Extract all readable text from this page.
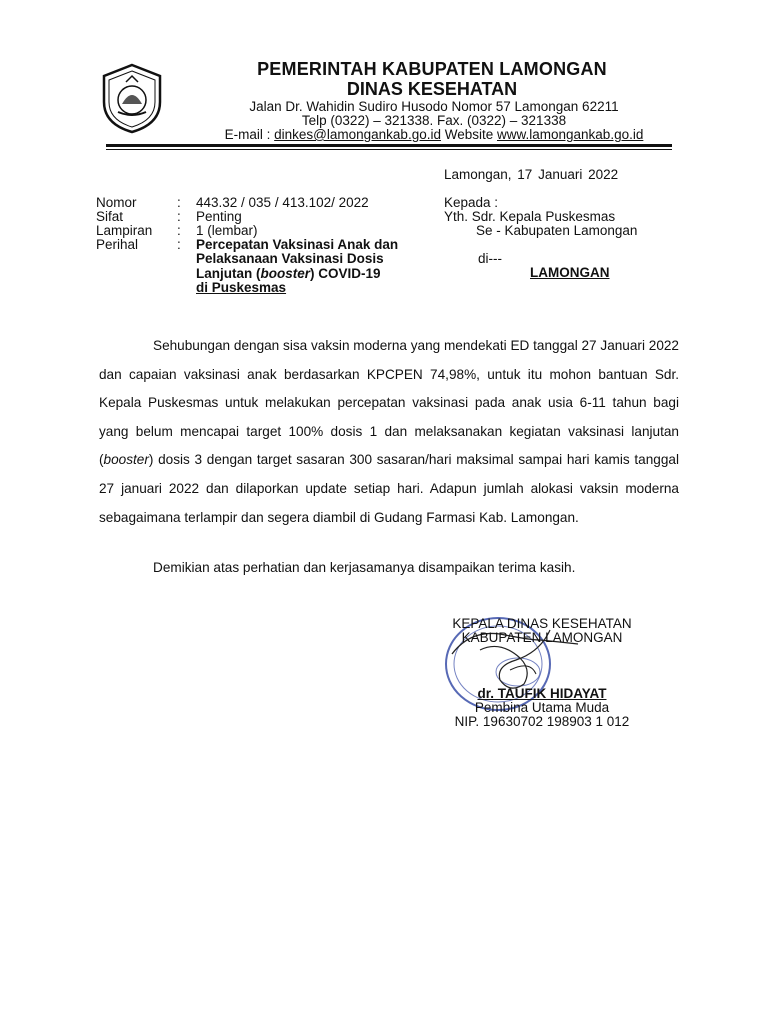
PEMERINTAH KABUPATEN LAMONGAN
DINAS KESEHATAN
Jalan Dr. Wahidin Sudiro Husodo Nomor 57 Lamongan 62211
Telp (0322) – 321338. Fax. (0322) – 321338
E-mail : dinkes@lamongankab.go.id Website www.lamongankab.go.id
Lamongan, 17 Januari 2022
Nomor	: 443.32 / 035 / 413.102/ 2022
Sifat	: Penting
Lampiran : 1 (lembar)
Perihal	: Percepatan Vaksinasi Anak dan
Pelaksanaan Vaksinasi Dosis
Lanjutan (booster) COVID-19
di Puskesmas
Kepada :
Yth. Sdr. Kepala Puskesmas
Se - Kabupaten Lamongan
di---
LAMONGAN

Sehubungan dengan sisa vaksin moderna yang mendekati ED tanggal 27 Januari 2022 dan capaian vaksinasi anak berdasarkan KPCPEN 74,98%, untuk itu mohon bantuan Sdr. Kepala Puskesmas untuk melakukan percepatan vaksinasi pada anak usia 6-11 tahun bagi yang belum mencapai target 100% dosis 1 dan melaksanakan kegiatan vaksinasi lanjutan (booster) dosis 3 dengan target sasaran 300 sasaran/hari maksimal sampai hari kamis tanggal 27 januari 2022 dan dilaporkan update setiap hari. Adapun jumlah alokasi vaksin moderna sebagaimana terlampir dan segera diambil di Gudang Farmasi Kab. Lamongan.

Demikian atas perhatian dan kerjasamanya disampaikan terima kasih.
KEPALA DINAS KESEHATAN
KABUPATEN LAMONGAN
dr. TAUFIK HIDAYAT
Pembina Utama Muda
NIP. 19630702 198903 1 012
